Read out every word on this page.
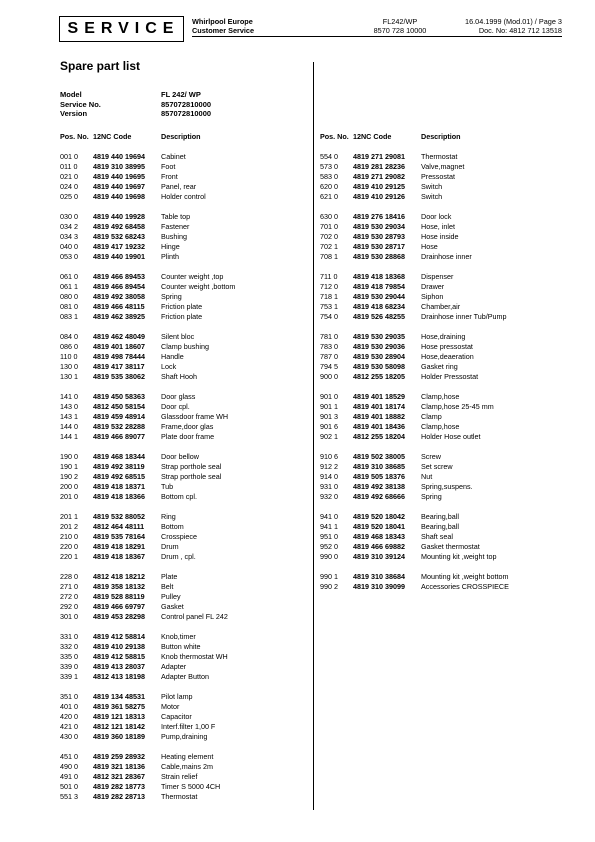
SERVICE	Whirlpool Europe
Customer Service
FL242/WP
8570 728 10000
16.04.1999 (Mod.01) / Page 3
Doc. No: 4812 712 13518
Spare part list
Model	FL 242/ WP
Service No.	857072810000
Version	857072810000
Pos. No. 12NC Code	Description
001 0 4819 440 19694 Cabinet
011 0 4819 310 38995 Foot
021 0 4819 440 19695 Front
024 0 4819 440 19697 Panel, rear
025 0 4819 440 19698 Holder control
030 0 4819 440 19928 Table top
034 2 4819 492 68458 Fastener
034 3 4819 532 68243 Bushing
040 0 4819 417 19232 Hinge
053 0 4819 440 19901 Plinth
061 0 4819 466 89453 Counter weight ,top
061 1 4819 466 89454 Counter weight ,bottom
080 0 4819 492 38058 Spring
081 0 4819 466 48115 Friction plate
083 1 4819 462 38925 Friction plate
084 0 4819 462 48049 Silent bloc
086 0 4819 401 18607 Clamp bushing
110 0 4819 498 78444 Handle
130 0 4819 417 38117 Lock
130 1 4819 535 38062 Shaft Hooh
141 0 4819 450 58363 Door glass
143 0 4812 450 58154 Door cpl.
143 1 4819 459 48914 Glassdoor frame WH
144 0 4819 532 28288 Frame,door glas
144 1 4819 466 89077 Plate door frame
190 0 4819 468 18344 Door bellow
190 1 4819 492 38119 Strap porthole seal
190 2 4819 492 68515 Strap porthole seal
200 0 4819 418 18371 Tub
201 0 4819 418 18366 Bottom cpl.
201 1 4819 532 88052 Ring
201 2 4812 464 48111 Bottom
210 0 4819 535 78164 Crosspiece
220 0 4819 418 18291 Drum
220 1 4819 418 18367 Drum , cpl.
228 0 4812 418 18212 Plate
271 0 4819 358 18132 Belt
272 0 4819 528 88119 Pulley
292 0 4819 466 69797 Gasket
301 0 4819 453 28298 Control panel FL 242
331 0 4819 412 58814 Knob,timer
332 0 4819 410 29138 Button white
335 0 4819 412 58815 Knob thermostat WH
339 0 4819 413 28037 Adapter
339 1 4812 413 18198 Adapter Button
351 0 4819 134 48531 Pilot lamp
401 0 4819 361 58275 Motor
420 0 4819 121 18313 Capacitor
421 0 4812 121 18142 Interf.filter 1,00 F
430 0 4819 360 18189 Pump,draining
451 0 4819 259 28932 Heating element
490 0 4819 321 18136 Cable,mains 2m
491 0 4812 321 28367 Strain relief
501 0 4819 282 18773 Timer S 5000 4CH
551 3 4819 282 28713 Thermostat
Pos. No. 12NC Code	Description
554 0 4819 271 29081 Thermostat
573 0 4819 281 28236 Valve,magnet
583 0 4819 271 29082 Pressostat
620 0 4819 410 29125 Switch
621 0 4819 410 29126 Switch
630 0 4819 276 18416 Door lock
701 0 4819 530 29034 Hose, inlet
702 0 4819 530 28793 Hose inside
702 1 4819 530 28717 Hose
708 1 4819 530 28868 Drainhose inner
711 0 4819 418 18368 Dispenser
712 0 4819 418 79854 Drawer
718 1 4819 530 29044 Siphon
753 1 4819 418 68234 Chamber,air
754 0 4819 526 48255 Drainhose inner Tub/Pump
781 0 4819 530 29035 Hose,draining
783 0 4819 530 29036 Hose pressostat
787 0 4819 530 28904 Hose,deaeration
794 5 4819 530 58098 Gasket ring
900 0 4812 255 18205 Holder Pressostat
901 0 4819 401 18529 Clamp,hose
901 1 4819 401 18174 Clamp,hose 25-45 mm
901 3 4819 401 18882 Clamp
901 6 4819 401 18436 Clamp,hose
902 1 4812 255 18204 Holder Hose outlet
910 6 4819 502 38005 Screw
912 2 4819 310 38685 Set screw
914 0 4819 505 18376 Nut
931 0 4819 492 38138 Spring,suspens.
932 0 4819 492 68666 Spring
941 0 4819 520 18042 Bearing,ball
941 1 4819 520 18041 Bearing,ball
951 0 4819 468 18343 Shaft seal
952 0 4819 466 69882 Gasket thermostat
990 0 4819 310 39124 Mounting kit ,weight top
990 1 4819 310 38684 Mounting kit ,weight bottom
990 2 4819 310 39099 Accessories CROSSPIECE
